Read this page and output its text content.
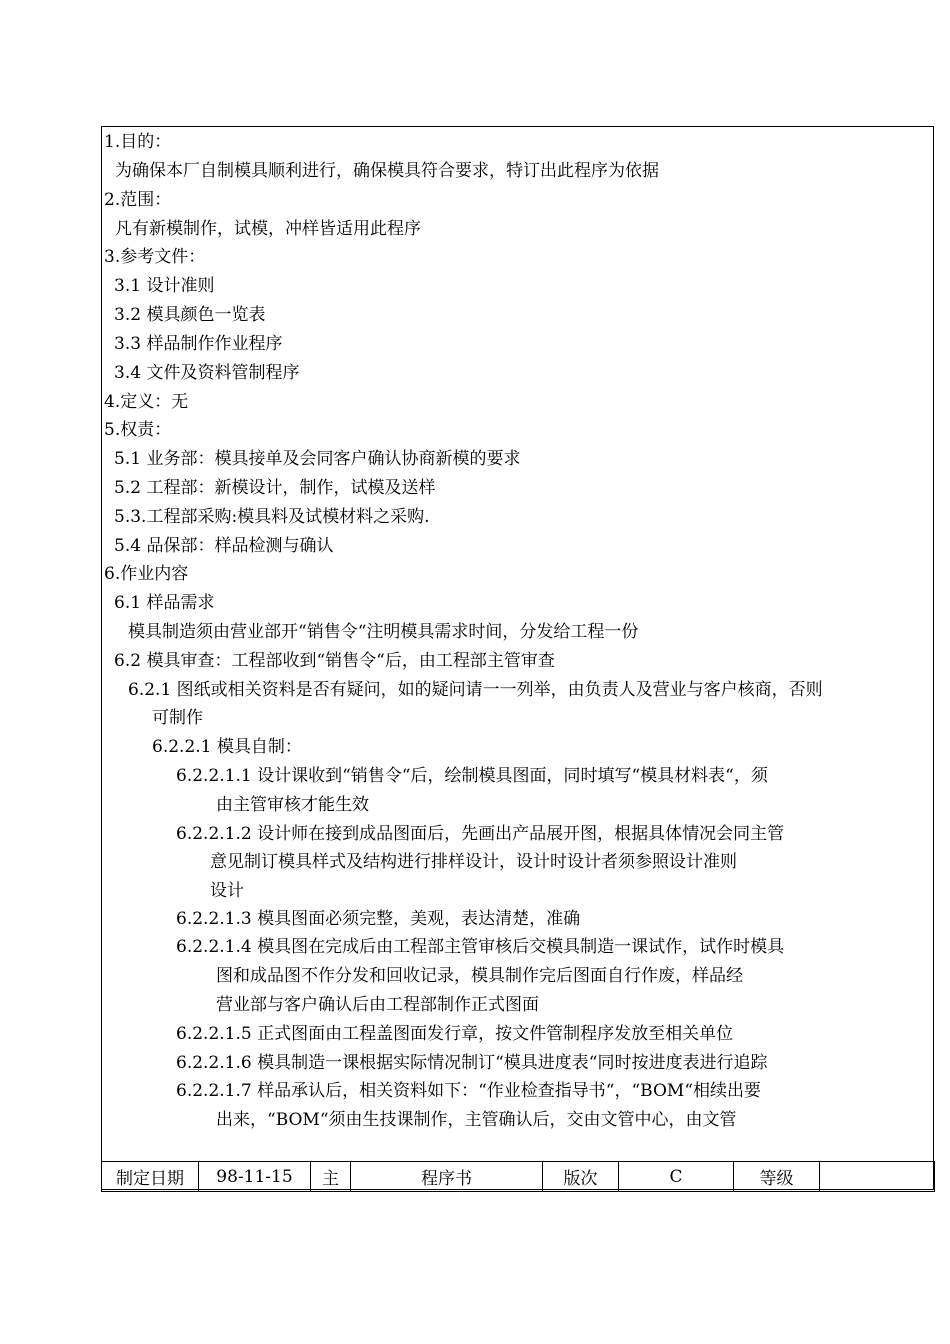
1.目的：
为确保本厂自制模具顺利进行，确保模具符合要求，特订出此程序为依据
2.范围：
凡有新模制作，试模，冲样皆适用此程序
3.参考文件：
3.1 设计准则
3.2 模具颜色一览表
3.3 样品制作作业程序
3.4 文件及资料管制程序
4.定义：无
5.权责：
5.1 业务部：模具接单及会同客户确认协商新模的要求
5.2 工程部：新模设计，制作，试模及送样
5.3.工程部采购:模具料及试模材料之采购.
5.4 品保部：样品检测与确认
6.作业内容
6.1 样品需求
模具制造须由营业部开“销售令“注明模具需求时间，分发给工程一份
6.2 模具审查：工程部收到“销售令“后，由工程部主管审查
6.2.1 图纸或相关资料是否有疑问，如的疑问请一一列举，由负责人及营业与客户核商，否则
可制作
6.2.2.1 模具自制：
6.2.2.1.1 设计课收到“销售令“后，绘制模具图面，同时填写“模具材料表“，须
由主管审核才能生效
6.2.2.1.2 设计师在接到成品图面后，先画出产品展开图，根据具体情况会同主管
意见制订模具样式及结构进行排样设计，设计时设计者须参照设计准则
设计
6.2.2.1.3 模具图面必须完整，美观，表达清楚，准确
6.2.2.1.4 模具图在完成后由工程部主管审核后交模具制造一课试作，试作时模具
图和成品图不作分发和回收记录，模具制作完后图面自行作废，样品经
营业部与客户确认后由工程部制作正式图面
6.2.2.1.5 正式图面由工程盖图面发行章，按文件管制程序发放至相关单位
6.2.2.1.6 模具制造一课根据实际情况制订“模具进度表“同时按进度表进行追踪
6.2.2.1.7 样品承认后，相关资料如下：“作业检查指导书“，“BOM“相续出要
出来，“BOM“须由生技课制作，主管确认后，交由文管中心，由文管
制定日期	98-11-15	主	程序书	版次	C	等级	
